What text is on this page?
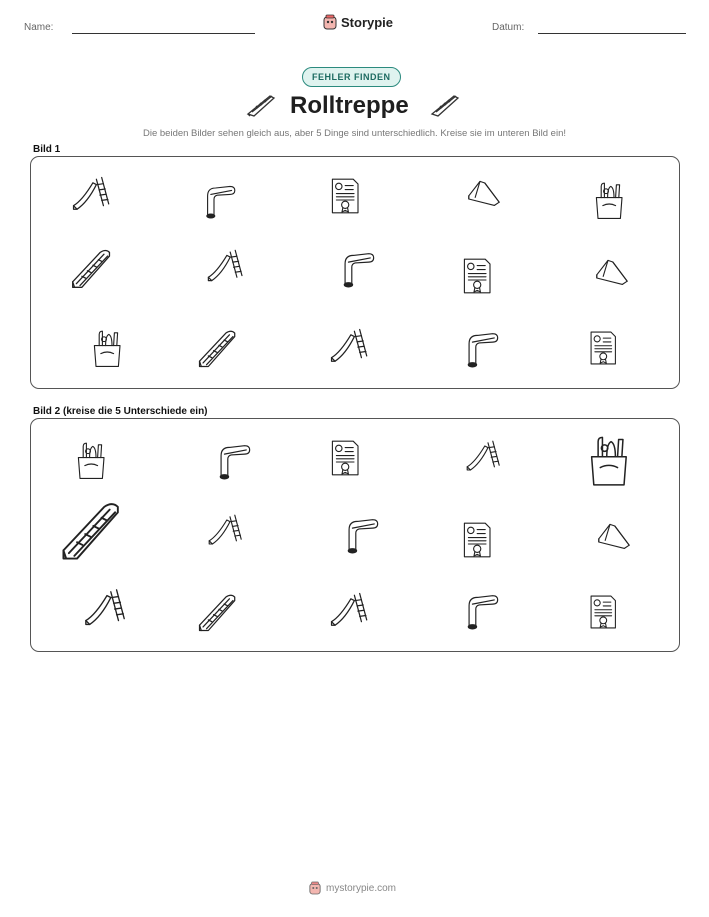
Name:	Storypie	Datum:
FEHLER FINDEN
Rolltreppe
Die beiden Bilder sehen gleich aus, aber 5 Dinge sind unterschiedlich. Kreise sie im unteren Bild ein!
Bild 1
Bild 2 (kreise die 5 Unterschiede ein)
mystorypie.com
